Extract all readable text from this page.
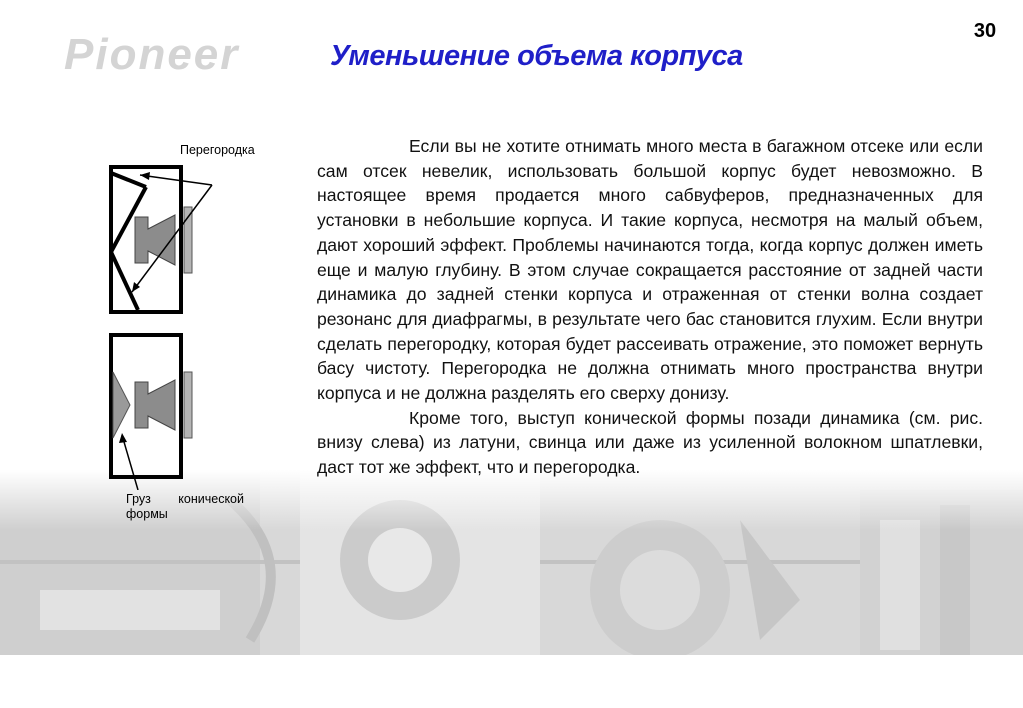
Pioneer	30
Уменьшение объема корпуса
Перегородка
Груз конической
формы

Если вы не хотите отнимать много места в багажном отсеке или если сам отсек невелик, использовать большой корпус будет невозможно. В настоящее время продается много сабвуферов, предназначенных для установки в небольшие корпуса. И такие корпуса, несмотря на малый объем, дают хороший эффект. Проблемы начинаются тогда, когда корпус должен иметь еще и малую глубину. В этом случае сокращается расстояние от задней части динамика до задней стенки корпуса и отраженная от стенки волна создает резонанс для диафрагмы, в результате чего бас становится глухим. Если внутри сделать перегородку, которая будет рассеивать отражение, это поможет вернуть басу чистоту. Перегородка не должна отнимать много пространства внутри корпуса и не должна разделять его сверху донизу.

Кроме того, выступ конической формы позади динамика (см. рис. внизу слева) из латуни, свинца или даже из усиленной волокном шпатлевки, даст тот же эффект, что и перегородка.
